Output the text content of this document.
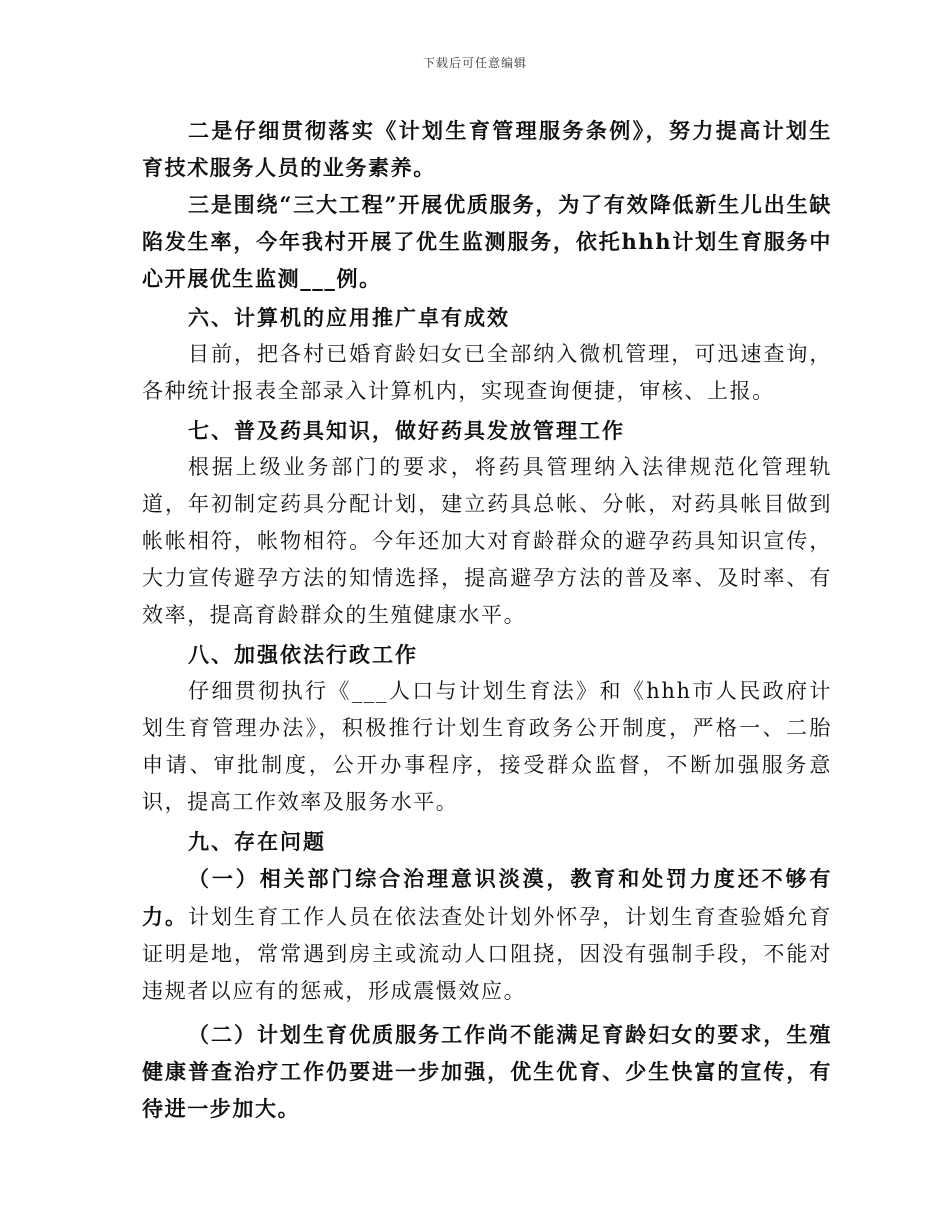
下载后可任意编辑

二是仔细贯彻落实《计划生育管理服务条例》，努力提高计划生育技术服务人员的业务素养。

三是围绕“三大工程”开展优质服务，为了有效降低新生儿出生缺陷发生率，今年我村开展了优生监测服务，依托hhh计划生育服务中心开展优生监测___例。

六、计算机的应用推广卓有成效

目前，把各村已婚育龄妇女已全部纳入微机管理，可迅速查询，各种统计报表全部录入计算机内，实现查询便捷，审核、上报。

七、普及药具知识，做好药具发放管理工作

根据上级业务部门的要求，将药具管理纳入法律规范化管理轨道，年初制定药具分配计划，建立药具总帐、分帐，对药具帐目做到帐帐相符，帐物相符。今年还加大对育龄群众的避孕药具知识宣传，大力宣传避孕方法的知情选择，提高避孕方法的普及率、及时率、有效率，提高育龄群众的生殖健康水平。

八、加强依法行政工作

仔细贯彻执行《___人口与计划生育法》和《hhh市人民政府计划生育管理办法》，积极推行计划生育政务公开制度，严格一、二胎申请、审批制度，公开办事程序，接受群众监督，不断加强服务意识，提高工作效率及服务水平。

九、存在问题

（一）相关部门综合治理意识淡漠，教育和处罚力度还不够有力。计划生育工作人员在依法查处计划外怀孕，计划生育查验婚允育证明是地，常常遇到房主或流动人口阻挠，因没有强制手段，不能对违规者以应有的惩戒，形成震慑效应。

（二）计划生育优质服务工作尚不能满足育龄妇女的要求，生殖健康普查治疗工作仍要进一步加强，优生优育、少生快富的宣传，有待进一步加大。
